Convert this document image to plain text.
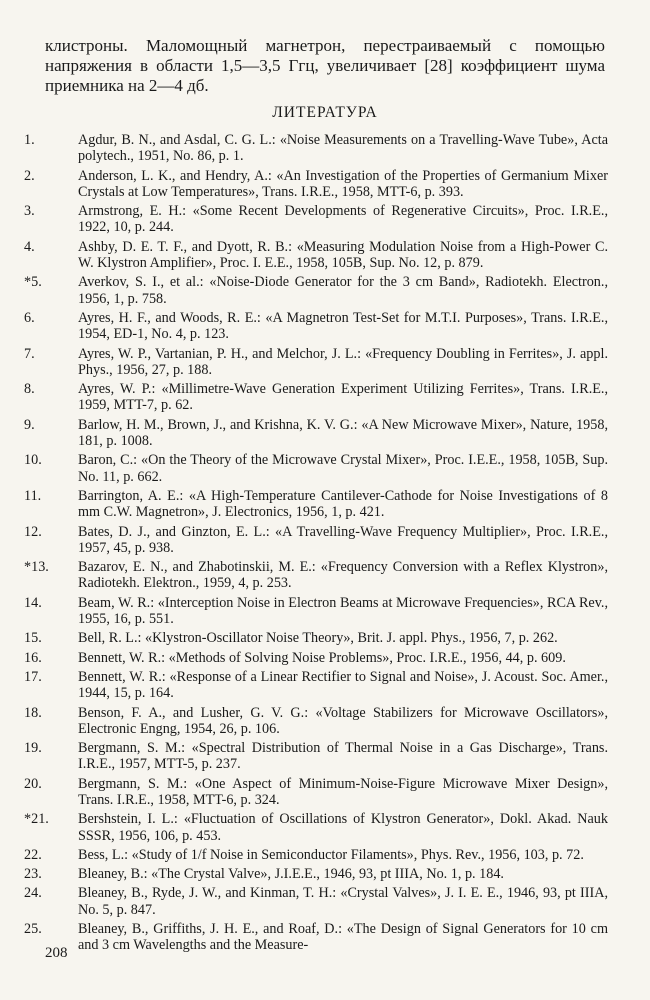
клистроны. Маломощный магнетрон, перестраиваемый с помощью напряжения в области 1,5—3,5 Ггц, увеличивает [28] коэффициент шума приемника на 2—4 дб.
ЛИТЕРАТУРА
1.	Agdur, B. N., and Asdal, C. G. L.: «Noise Measurements on a Travelling-Wave Tube», Acta polytech., 1951, No. 86, p. 1.
2.	Anderson, L. K., and Hendry, A.: «An Investigation of the Properties of Germanium Mixer Crystals at Low Temperatures», Trans. I.R.E., 1958, MTT-6, p. 393.
3.	Armstrong, E. H.: «Some Recent Developments of Regenerative Circuits», Proc. I.R.E., 1922, 10, p. 244.
4.	Ashby, D. E. T. F., and Dyott, R. B.: «Measuring Modulation Noise from a High-Power C. W. Klystron Amplifier», Proc. I. E.E., 1958, 105B, Sup. No. 12, p. 879.
*5.	Averkov, S. I., et al.: «Noise-Diode Generator for the 3 cm Band», Radiotekh. Electron., 1956, 1, p. 758.
6.	Ayres, H. F., and Woods, R. E.: «A Magnetron Test-Set for M.T.I. Purposes», Trans. I.R.E., 1954, ED-1, No. 4, p. 123.
7.	Ayres, W. P., Vartanian, P. H., and Melchor, J. L.: «Frequency Doubling in Ferrites», J. appl. Phys., 1956, 27, p. 188.
8.	Ayres, W. P.: «Millimetre-Wave Generation Experiment Utilizing Ferrites», Trans. I.R.E., 1959, MTT-7, p. 62.
9.	Barlow, H. M., Brown, J., and Krishna, K. V. G.: «A New Microwave Mixer», Nature, 1958, 181, p. 1008.
10.	Baron, C.: «On the Theory of the Microwave Crystal Mixer», Proc. I.E.E., 1958, 105B, Sup. No. 11, p. 662.
11.	Barrington, A. E.: «A High-Temperature Cantilever-Cathode for Noise Investigations of 8 mm C.W. Magnetron», J. Electronics, 1956, 1, p. 421.
12.	Bates, D. J., and Ginzton, E. L.: «A Travelling-Wave Frequency Multiplier», Proc. I.R.E., 1957, 45, p. 938.
*13.	Bazarov, E. N., and Zhabotinskii, M. E.: «Frequency Conversion with a Reflex Klystron», Radiotekh. Elektron., 1959, 4, p. 253.
14.	Beam, W. R.: «Interception Noise in Electron Beams at Microwave Frequencies», RCA Rev., 1955, 16, p. 551.
15.	Bell, R. L.: «Klystron-Oscillator Noise Theory», Brit. J. appl. Phys., 1956, 7, p. 262.
16.	Bennett, W. R.: «Methods of Solving Noise Problems», Proc. I.R.E., 1956, 44, p. 609.
17.	Bennett, W. R.: «Response of a Linear Rectifier to Signal and Noise», J. Acoust. Soc. Amer., 1944, 15, p. 164.
18.	Benson, F. A., and Lusher, G. V. G.: «Voltage Stabilizers for Microwave Oscillators», Electronic Engng, 1954, 26, p. 106.
19.	Bergmann, S. M.: «Spectral Distribution of Thermal Noise in a Gas Discharge», Trans. I.R.E., 1957, MTT-5, p. 237.
20.	Bergmann, S. M.: «One Aspect of Minimum-Noise-Figure Microwave Mixer Design», Trans. I.R.E., 1958, MTT-6, p. 324.
*21.	Bershstein, I. L.: «Fluctuation of Oscillations of Klystron Generator», Dokl. Akad. Nauk SSSR, 1956, 106, p. 453.
22.	Bess, L.: «Study of 1/f Noise in Semiconductor Filaments», Phys. Rev., 1956, 103, p. 72.
23.	Bleaney, B.: «The Crystal Valve», J.I.E.E., 1946, 93, pt IIIA, No. 1, p. 184.
24.	Bleaney, B., Ryde, J. W., and Kinman, T. H.: «Crystal Valves», J. I. E. E., 1946, 93, pt IIIA, No. 5, p. 847.
25.	Bleaney, B., Griffiths, J. H. E., and Roaf, D.: «The Design of Signal Generators for 10 cm and 3 cm Wavelengths and the Measure-
208
